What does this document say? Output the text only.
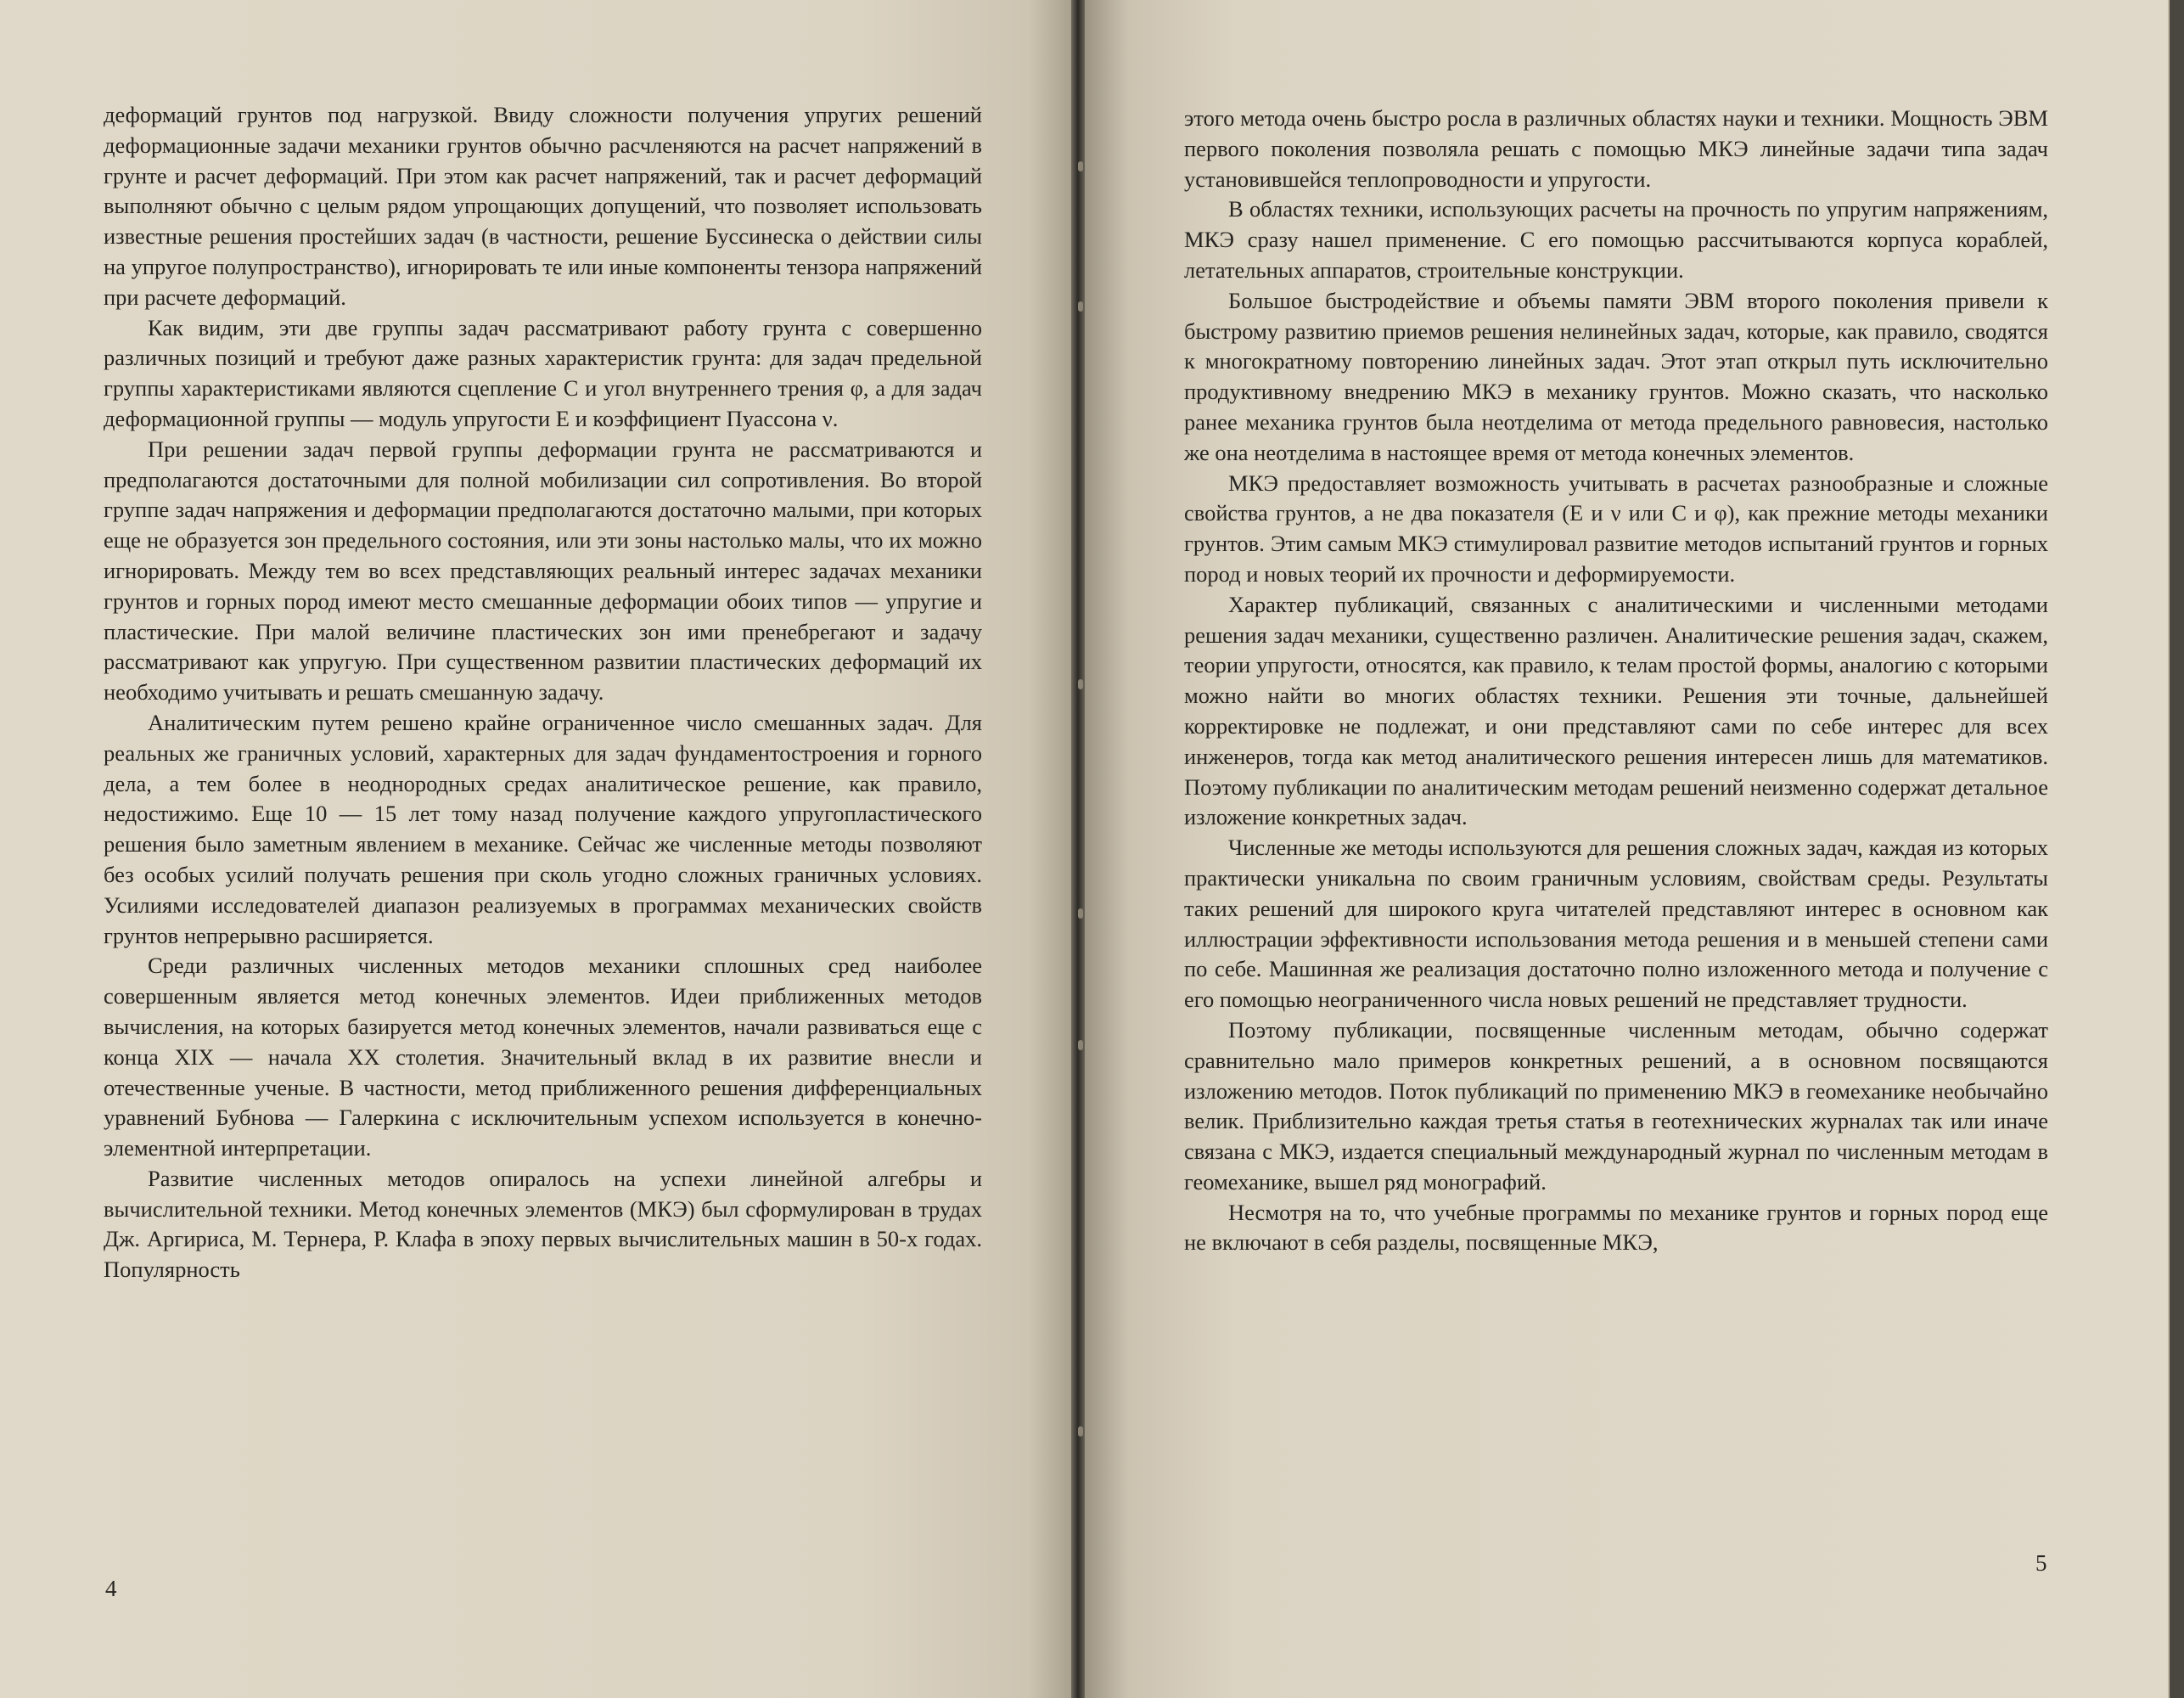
деформаций грунтов под нагрузкой. Ввиду сложности получения упругих решений деформационные задачи механики грунтов обычно расчленяются на расчет напряжений в грунте и расчет деформаций. При этом как расчет напряжений, так и расчет деформаций выполняют обычно с целым рядом упрощающих допущений, что позволяет использовать известные решения простейших задач (в частности, решение Буссинеска о действии силы на упругое полупространство), игнорировать те или иные компоненты тензора напряжений при расчете деформаций.

Как видим, эти две группы задач рассматривают работу грунта с совершенно различных позиций и требуют даже разных характеристик грунта: для задач предельной группы характеристиками являются сцепление C и угол внутреннего трения φ, а для задач деформационной группы — модуль упругости E и коэффициент Пуассона ν.

При решении задач первой группы деформации грунта не рассматриваются и предполагаются достаточными для полной мобилизации сил сопротивления. Во второй группе задач напряжения и деформации предполагаются достаточно малыми, при которых еще не образуется зон предельного состояния, или эти зоны настолько малы, что их можно игнорировать. Между тем во всех представляющих реальный интерес задачах механики грунтов и горных пород имеют место смешанные деформации обоих типов — упругие и пластические. При малой величине пластических зон ими пренебрегают и задачу рассматривают как упругую. При существенном развитии пластических деформаций их необходимо учитывать и решать смешанную задачу.

Аналитическим путем решено крайне ограниченное число смешанных задач. Для реальных же граничных условий, характерных для задач фундаментостроения и горного дела, а тем более в неоднородных средах аналитическое решение, как правило, недостижимо. Еще 10 — 15 лет тому назад получение каждого упругопластического решения было заметным явлением в механике. Сейчас же численные методы позволяют без особых усилий получать решения при сколь угодно сложных граничных условиях. Усилиями исследователей диапазон реализуемых в программах механических свойств грунтов непрерывно расширяется.

Среди различных численных методов механики сплошных сред наиболее совершенным является метод конечных элементов. Идеи приближенных методов вычисления, на которых базируется метод конечных элементов, начали развиваться еще с конца XIX — начала XX столетия. Значительный вклад в их развитие внесли и отечественные ученые. В частности, метод приближенного решения дифференциальных уравнений Бубнова — Галеркина с исключительным успехом используется в конечно-элементной интерпретации.

Развитие численных методов опиралось на успехи линейной алгебры и вычислительной техники. Метод конечных элементов (МКЭ) был сформулирован в трудах Дж. Аргириса, М. Тернера, Р. Клафа в эпоху первых вычислительных машин в 50-х годах. Популярность

4

этого метода очень быстро росла в различных областях науки и техники. Мощность ЭВМ первого поколения позволяла решать с помощью МКЭ линейные задачи типа задач установившейся теплопроводности и упругости.

В областях техники, использующих расчеты на прочность по упругим напряжениям, МКЭ сразу нашел применение. С его помощью рассчитываются корпуса кораблей, летательных аппаратов, строительные конструкции.

Большое быстродействие и объемы памяти ЭВМ второго поколения привели к быстрому развитию приемов решения нелинейных задач, которые, как правило, сводятся к многократному повторению линейных задач. Этот этап открыл путь исключительно продуктивному внедрению МКЭ в механику грунтов. Можно сказать, что насколько ранее механика грунтов была неотделима от метода предельного равновесия, настолько же она неотделима в настоящее время от метода конечных элементов.

МКЭ предоставляет возможность учитывать в расчетах разнообразные и сложные свойства грунтов, а не два показателя (E и ν или C и φ), как прежние методы механики грунтов. Этим самым МКЭ стимулировал развитие методов испытаний грунтов и горных пород и новых теорий их прочности и деформируемости.

Характер публикаций, связанных с аналитическими и численными методами решения задач механики, существенно различен. Аналитические решения задач, скажем, теории упругости, относятся, как правило, к телам простой формы, аналогию с которыми можно найти во многих областях техники. Решения эти точные, дальнейшей корректировке не подлежат, и они представляют сами по себе интерес для всех инженеров, тогда как метод аналитического решения интересен лишь для математиков. Поэтому публикации по аналитическим методам решений неизменно содержат детальное изложение конкретных задач.

Численные же методы используются для решения сложных задач, каждая из которых практически уникальна по своим граничным условиям, свойствам среды. Результаты таких решений для широкого круга читателей представляют интерес в основном как иллюстрации эффективности использования метода решения и в меньшей степени сами по себе. Машинная же реализация достаточно полно изложенного метода и получение с его помощью неограниченного числа новых решений не представляет трудности.

Поэтому публикации, посвященные численным методам, обычно содержат сравнительно мало примеров конкретных решений, а в основном посвящаются изложению методов. Поток публикаций по применению МКЭ в геомеханике необычайно велик. Приблизительно каждая третья статья в геотехнических журналах так или иначе связана с МКЭ, издается специальный международный журнал по численным методам в геомеханике, вышел ряд монографий.

Несмотря на то, что учебные программы по механике грунтов и горных пород еще не включают в себя разделы, посвященные МКЭ,

5
